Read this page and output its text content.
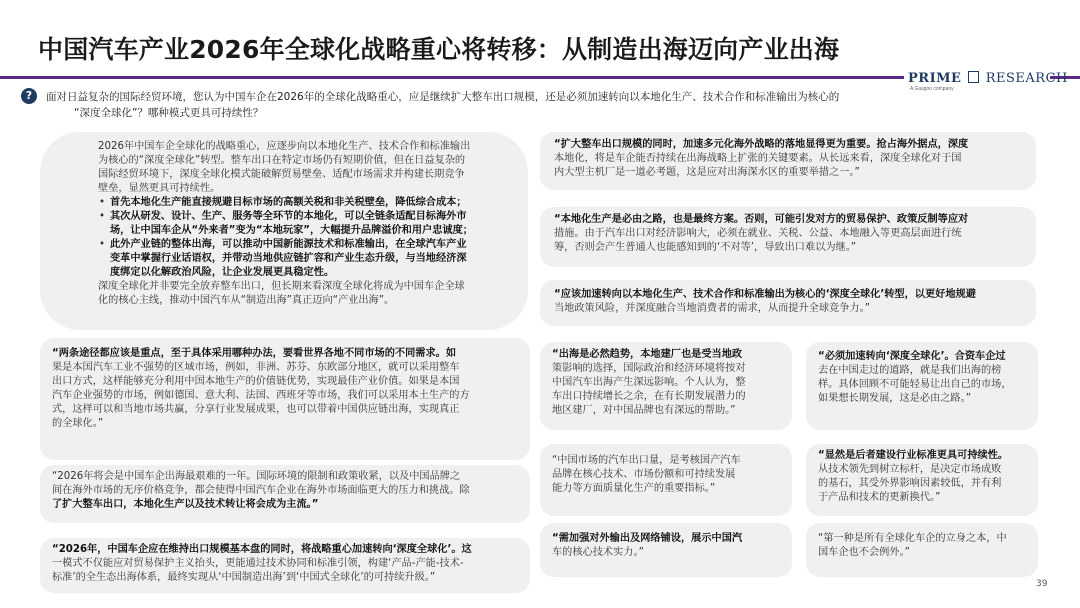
中国汽车产业2026年全球化战略重心将转移：从制造出海迈向产业出海
PRIME RESEARCH
A Gasgoo company
?	面对日益复杂的国际经贸环境，您认为中国车企在2026年的全球化战略重心，应是继续扩大整车出口规模，还是必须加速转向以本地化生产、技术合作和标准输出为核心的
“深度全球化”？哪种模式更具可持续性？
2026年中国车企全球化的战略重心，应逐步向以本地化生产、技术合作和标准输出
为核心的“深度全球化”转型。整车出口在特定市场仍有短期价值，但在日益复杂的
国际经贸环境下，深度全球化模式能破解贸易壁垒、适配市场需求并构建长期竞争
壁垒，显然更具可持续性。
• 首先本地化生产能直接规避目标市场的高额关税和非关税壁垒，降低综合成本；
• 其次从研发、设计、生产、服务等全环节的本地化，可以全链条适配目标海外市
场，让中国车企从“外来者”变为“本地玩家”，大幅提升品牌溢价和用户忠诚度；
• 此外产业链的整体出海，可以推动中国新能源技术和标准输出，在全球汽车产业
变革中掌握行业话语权，并带动当地供应链扩容和产业生态升级，与当地经济深
度绑定以化解政治风险，让企业发展更具稳定性。
深度全球化并非要完全放弃整车出口，但长期来看深度全球化将成为中国车企全球
化的核心主线，推动中国汽车从“制造出海”真正迈向“产业出海”。
“两条途径都应该是重点，至于具体采用哪种办法，要看世界各地不同市场的不同需求。如
果是本国汽车工业不强势的区域市场，例如，非洲、苏芬、东欧部分地区，就可以采用整车
出口方式，这样能够充分利用中国本地生产的价值链优势，实现最佳产业价值。如果是本国
汽车企业强势的市场，例如德国、意大利、法国、西班牙等市场，我们可以采用本土生产的方
式，这样可以和当地市场共赢，分享行业发展成果，也可以带着中国供应链出海，实现真正
的全球化。”
“2026年将会是中国车企出海最艰难的一年。国际环境的限制和政策收紧，以及中国品牌之
间在海外市场的无序价格竞争，都会使得中国汽车企业在海外市场面临更大的压力和挑战。除
了扩大整车出口，本地化生产以及技术转让将会成为主流。”
“2026年，中国车企应在维持出口规模基本盘的同时，将战略重心加速转向‘深度全球化’。这
一模式不仅能应对贸易保护主义抬头，更能通过技术协同和标准引领，构建‘产品-产能-技术-
标准’的全生态出海体系，最终实现从‘中国制造出海’到‘中国式全球化’的可持续升级。”
“扩大整车出口规模的同时，加速多元化海外战略的落地显得更为重要。抢占海外据点，深度
本地化，将是车企能否持续在出海战略上扩张的关键要素。从长远来看，深度全球化对于国
内大型主机厂是一道必考题，这是应对出海深水区的重要举措之一。”
“本地化生产是必由之路，也是最终方案。否则，可能引发对方的贸易保护、政策反制等应对
措施。由于汽车出口对经济影响大，必须在就业、关税、公益、本地融入等更高层面进行统
筹，否则会产生普通人也能感知到的‘不对等’，导致出口难以为继。”
“应该加速转向以本地化生产、技术合作和标准输出为核心的‘深度全球化’转型，以更好地规避
当地政策风险，并深度融合当地消费者的需求，从而提升全球竞争力。”
“出海是必然趋势，本地建厂也是受当地政
策影响的选择，国际政治和经济环境将按对
中国汽车出海产生深远影响。个人认为，整
车出口持续增长之余，在有长期发展潜力的
地区建厂，对中国品牌也有深远的帮助。”
“必须加速转向‘深度全球化’。合资车企过
去在中国走过的道路，就是我们出海的榜
样。具体回顾不可能轻易让出自己的市场，
如果想长期发展，这是必由之路。”
“中国市场的汽车出口量，是考核国产汽车
品牌在核心技术、市场份额和可持续发展
能力等方面质量化生产的重要指标。”
“显然是后者建设行业标准更具可持续性。
从技术领先到树立标杆，是决定市场成败
的基石，其受外界影响因素较低，并有利
于产品和技术的更新换代。”
“需加强对外输出及网络铺设，展示中国汽
车的核心技术实力。”
“第一种是所有全球化车企的立身之本，中
国车企也不会例外。”
39
